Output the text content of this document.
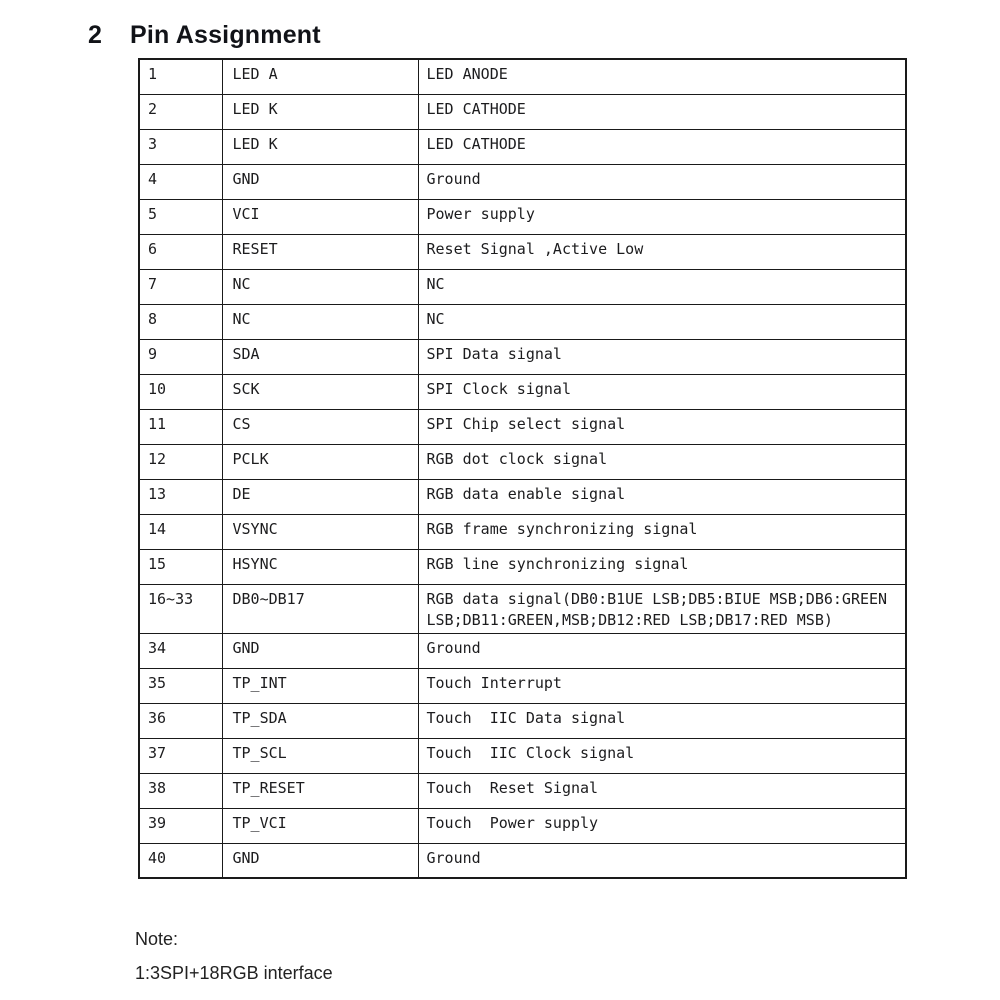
2	Pin Assignment
1	LED A	LED ANODE
2	LED K	LED CATHODE
3	LED K	LED CATHODE
4	GND	Ground
5	VCI	Power supply
6	RESET	Reset Signal ,Active Low
7	NC	NC
8	NC	NC
9	SDA	SPI Data signal
10	SCK	SPI Clock signal
11	CS	SPI Chip select signal
12	PCLK	RGB dot clock signal
13	DE	RGB data enable signal
14	VSYNC	RGB frame synchronizing signal
15	HSYNC	RGB line synchronizing signal
16~33	DB0~DB17	RGB data signal(DB0:B1UE LSB;DB5:BIUE MSB;DB6:GREEN LSB;DB11:GREEN,MSB;DB12:RED LSB;DB17:RED MSB)
34	GND	Ground
35	TP_INT	Touch Interrupt
36	TP_SDA	Touch  IIC Data signal
37	TP_SCL	Touch  IIC Clock signal
38	TP_RESET	Touch  Reset Signal
39	TP_VCI	Touch  Power supply
40	GND	Ground
Note:
1:3SPI+18RGB interface
